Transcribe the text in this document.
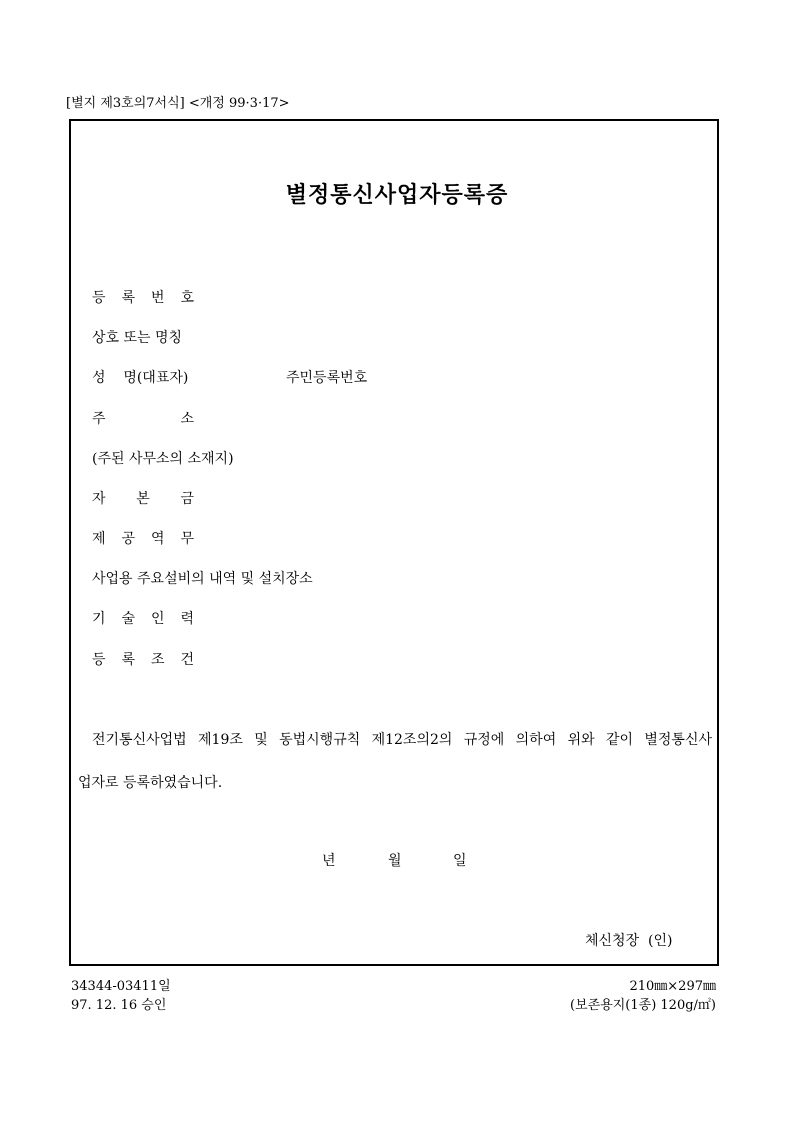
[별지 제3호의7서식] <개정 99·3·17>
별정통신사업자등록증
등 록 번 호
상호 또는 명칭
성    명(대표자)	주민등록번호
주	소
(주된 사무소의 소재지)
자 본 금
제 공 역 무
사업용 주요설비의 내역 및 설치장소
기 술 인 력
등 록 조 건
전기통신사업법 제19조 및 동법시행규칙 제12조의2의 규정에 의하여 위와 같이 별정통신사
업자로 등록하였습니다.
년	월	일
체신청장  (인)
34344-03411일
97. 12. 16 승인
210㎜×297㎜
(보존용지(1종) 120g/㎡)
